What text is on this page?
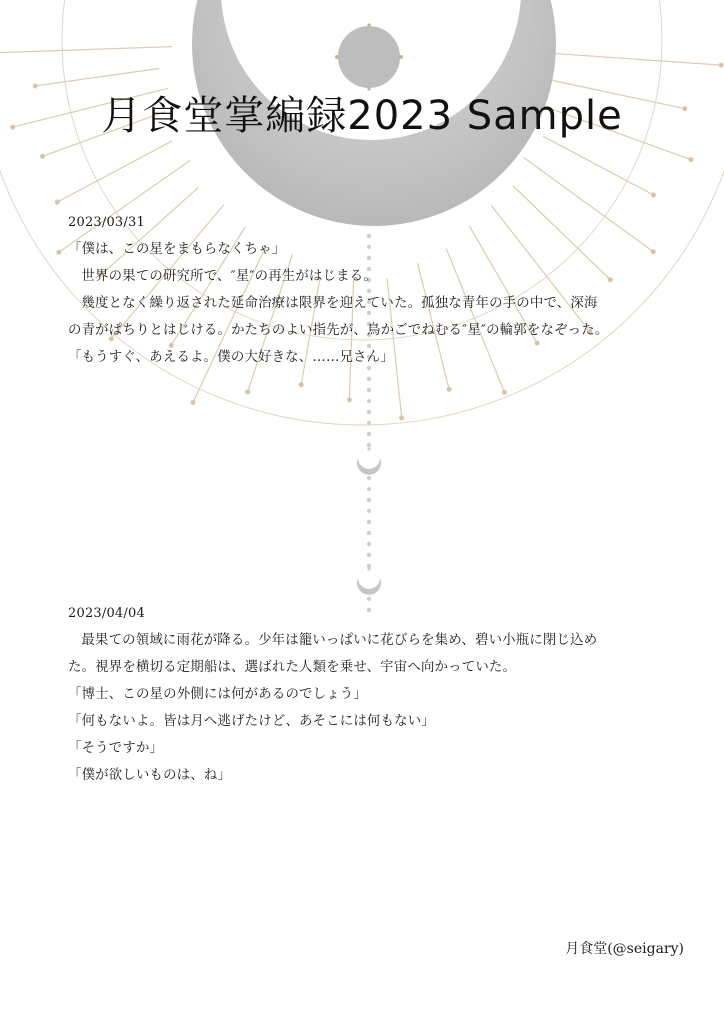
月食堂掌編録2023 Sample

2023/03/31

「僕は、この星をまもらなくちゃ」

世界の果ての研究所で、″星″の再生がはじまる。

幾度となく繰り返された延命治療は限界を迎えていた。孤独な青年の手の中で、深海

の青がぱちりとはじける。かたちのよい指先が、鳥かごでねむる″星″の輪郭をなぞった。

「もうすぐ、あえるよ。僕の大好きな、……兄さん」

2023/04/04

最果ての領域に雨花が降る。少年は籠いっぱいに花びらを集め、碧い小瓶に閉じ込め

た。視界を横切る定期船は、選ばれた人類を乗せ、宇宙へ向かっていた。

「博士、この星の外側には何があるのでしょう」

「何もないよ。皆は月へ逃げたけど、あそこには何もない」

「そうですか」

「僕が欲しいものは、ね」

月食堂(@seigary)
